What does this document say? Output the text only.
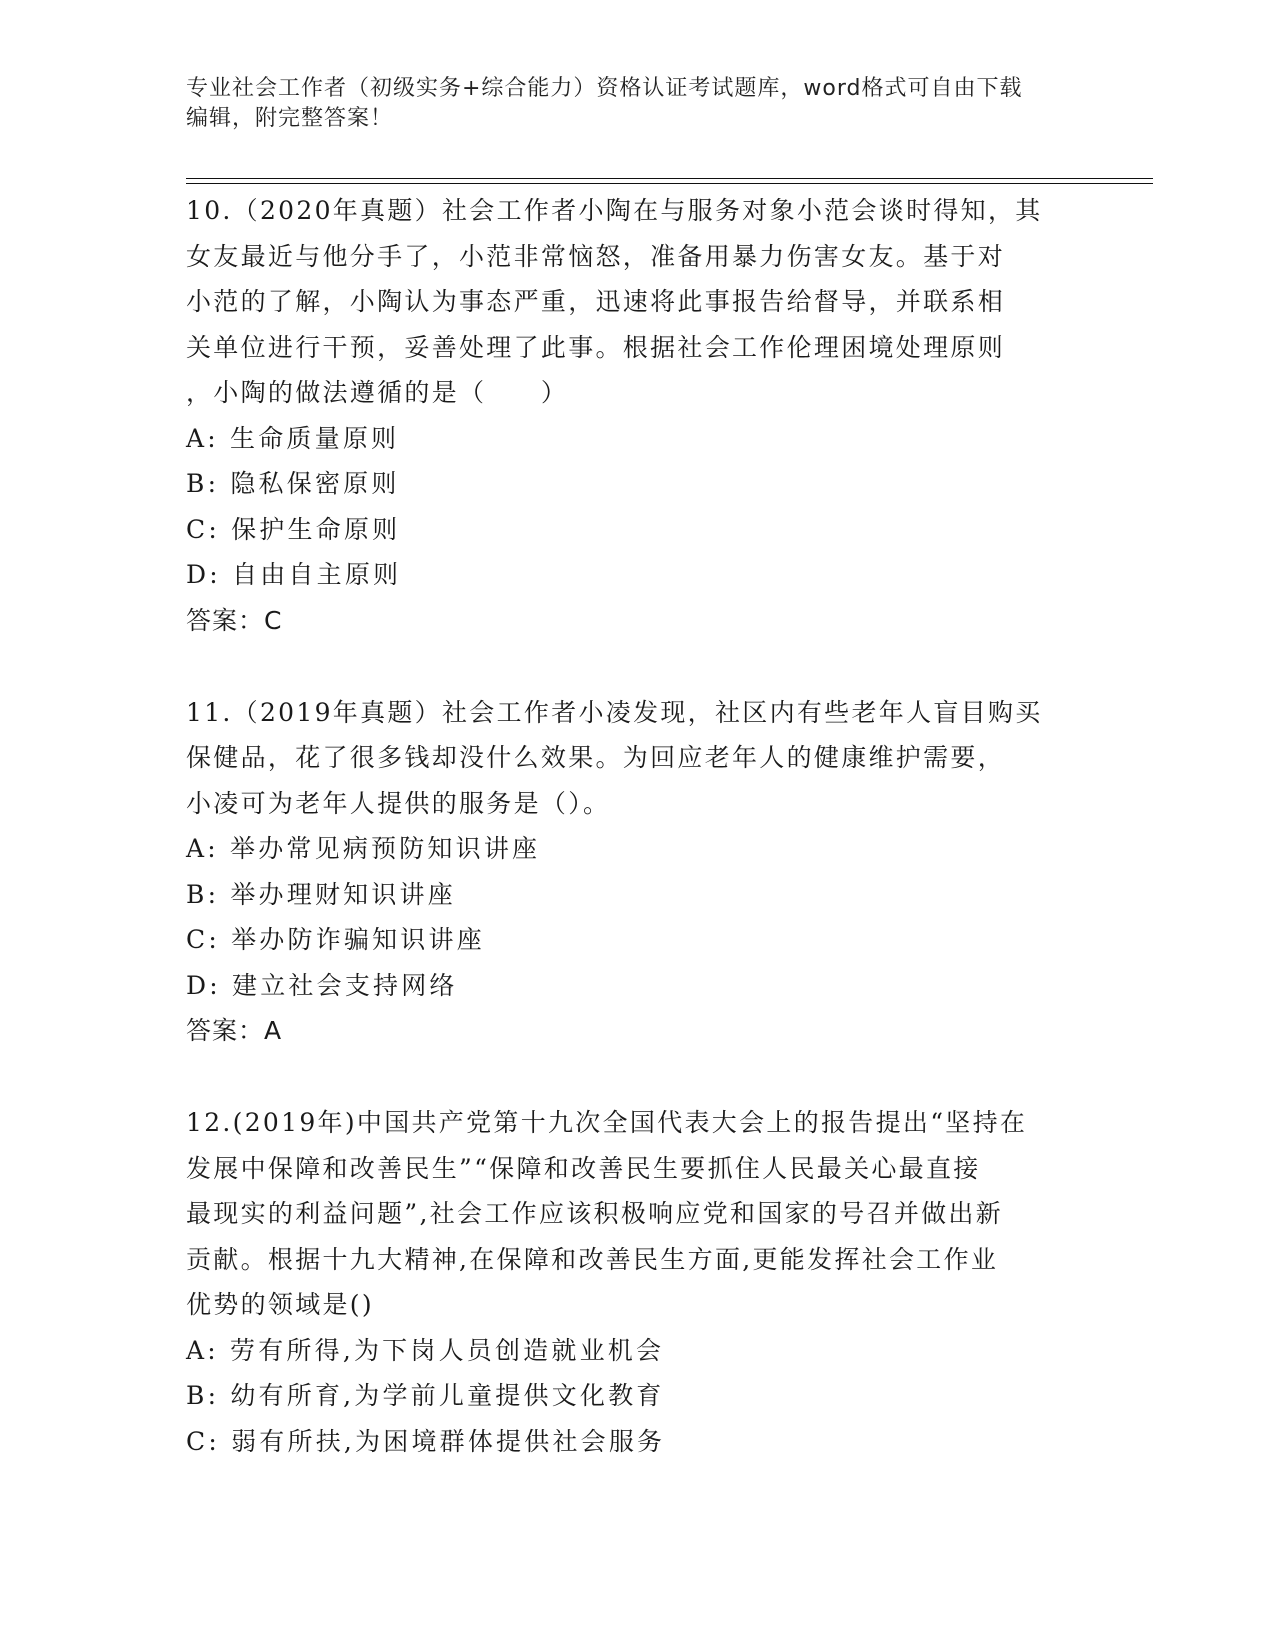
专业社会工作者（初级实务+综合能力）资格认证考试题库，word格式可自由下载
编辑，附完整答案！

10.（2020年真题）社会工作者小陶在与服务对象小范会谈时得知，其

女友最近与他分手了，小范非常恼怒，准备用暴力伤害女友。基于对

小范的了解，小陶认为事态严重，迅速将此事报告给督导，并联系相

关单位进行干预，妥善处理了此事。根据社会工作伦理困境处理原则

，小陶的做法遵循的是（　　）

A: 生命质量原则

B: 隐私保密原则

C: 保护生命原则

D: 自由自主原则

答案：C

11.（2019年真题）社会工作者小凌发现，社区内有些老年人盲目购买

保健品，花了很多钱却没什么效果。为回应老年人的健康维护需要，

小凌可为老年人提供的服务是（）。

A: 举办常见病预防知识讲座

B: 举办理财知识讲座

C: 举办防诈骗知识讲座

D: 建立社会支持网络

答案：A

12.(2019年)中国共产党第十九次全国代表大会上的报告提出“坚持在

发展中保障和改善民生”“保障和改善民生要抓住人民最关心最直接

最现实的利益问题”,社会工作应该积极响应党和国家的号召并做出新

贡献。根据十九大精神,在保障和改善民生方面,更能发挥社会工作业

优势的领域是()

A: 劳有所得,为下岗人员创造就业机会

B: 幼有所育,为学前儿童提供文化教育

C: 弱有所扶,为困境群体提供社会服务
